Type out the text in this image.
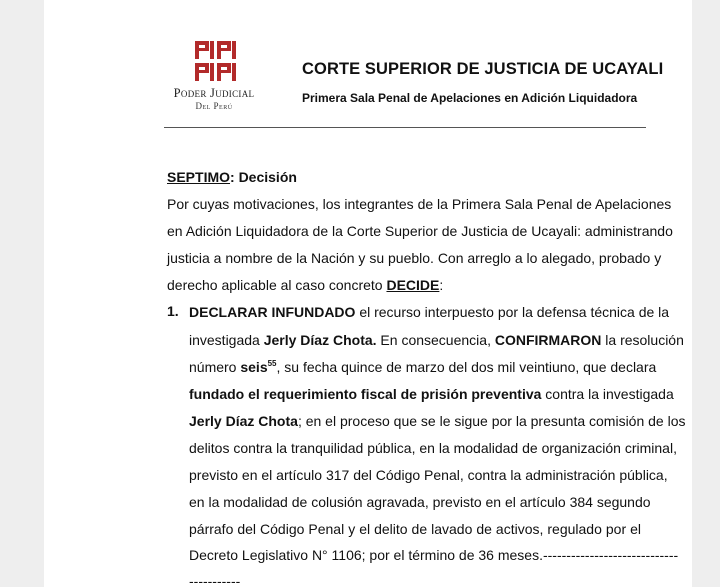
Poder Judicial
Del Perú
CORTE SUPERIOR DE JUSTICIA DE UCAYALI
Primera Sala Penal de Apelaciones en Adición Liquidadora
SEPTIMO: Decisión
Por cuyas motivaciones, los integrantes de la Primera Sala Penal de Apelaciones
en Adición Liquidadora de la Corte Superior de Justicia de Ucayali: administrando
justicia a nombre de la Nación y su pueblo. Con arreglo a lo alegado, probado y
derecho aplicable al caso concreto DECIDE:
1. DECLARAR INFUNDADO el recurso interpuesto por la defensa técnica de la
investigada Jerly Díaz Chota. En consecuencia, CONFIRMARON la resolución
número seis$^{55}$, su fecha quince de marzo del dos mil veintiuno, que declara
fundado el requerimiento fiscal de prisión preventiva contra la investigada
Jerly Díaz Chota; en el proceso que se le sigue por la presunta comisión de los
delitos contra la tranquilidad pública, en la modalidad de organización criminal,
previsto en el artículo 317 del Código Penal, contra la administración pública,
en la modalidad de colusión agravada, previsto en el artículo 384 segundo
párrafo del Código Penal y el delito de lavado de activos, regulado por el
Decreto Legislativo N° 1106; por el término de 36 meses.-----------------------------
-----------
